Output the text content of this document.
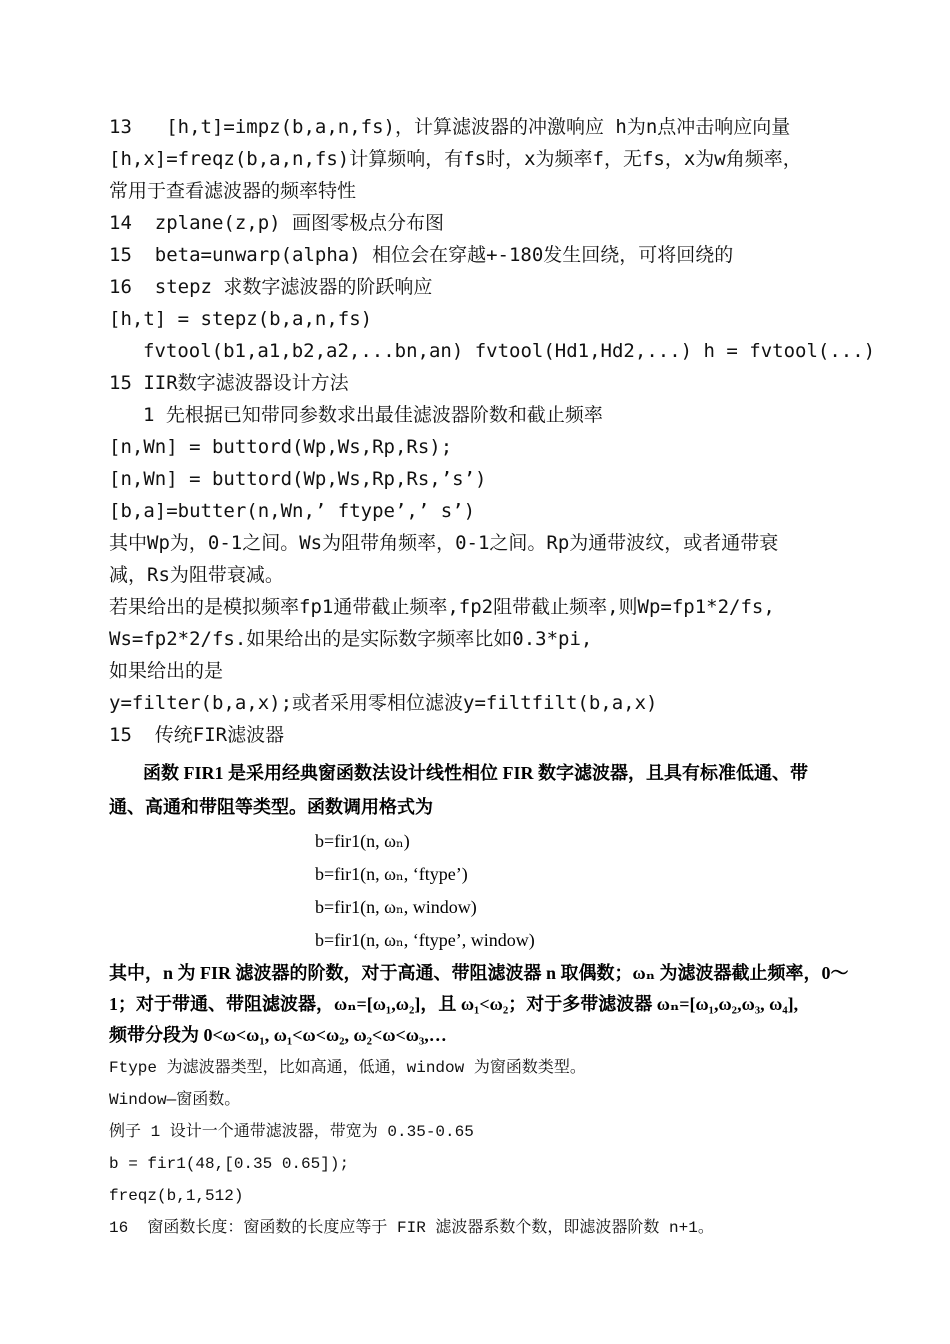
13   [h,t]=impz(b,a,n,fs)，计算滤波器的冲激响应 h为n点冲击响应向量
[h,x]=freqz(b,a,n,fs)计算频响，有fs时，x为频率f，无fs，x为w角频率，
常用于查看滤波器的频率特性
14  zplane(z,p) 画图零极点分布图
15  beta=unwarp(alpha) 相位会在穿越+-180发生回绕，可将回绕的
16  stepz 求数字滤波器的阶跃响应
[h,t] = stepz(b,a,n,fs)
fvtool(b1,a1,b2,a2,...bn,an) fvtool(Hd1,Hd2,...) h = fvtool(...)
15 IIR数字滤波器设计方法
1 先根据已知带同参数求出最佳滤波器阶数和截止频率
[n,Wn] = buttord(Wp,Ws,Rp,Rs);
[n,Wn] = buttord(Wp,Ws,Rp,Rs,’s’)
[b,a]=butter(n,Wn,’ ftype’,’ s’)
其中Wp为，0-1之间。Ws为阻带角频率，0-1之间。Rp为通带波纹，或者通带衰
减，Rs为阻带衰减。
若果给出的是模拟频率fp1通带截止频率,fp2阻带截止频率,则Wp=fp1*2/fs,
Ws=fp2*2/fs.如果给出的是实际数字频率比如0.3*pi,
如果给出的是
y=filter(b,a,x);或者采用零相位滤波y=filtfilt(b,a,x)
15  传统FIR滤波器
函数 FIR1 是采用经典窗函数法设计线性相位 FIR 数字滤波器，且具有标准低通、带
通、高通和带阻等类型。函数调用格式为
b=fir1(n, ωₙ)
b=fir1(n, ωₙ, ‘ftype’)
b=fir1(n, ωₙ, window)
b=fir1(n, ωₙ, ‘ftype’, window)
其中，n 为 FIR 滤波器的阶数，对于高通、带阻滤波器 n 取偶数；ωₙ 为滤波器截止频率，0～
1；对于带通、带阻滤波器，ωₙ=[ω₁,ω₂]，且 ω₁<ω₂；对于多带滤波器 ωₙ=[ω₁,ω₂,ω₃, ω₄],
频带分段为 0<ω<ω₁, ω₁<ω<ω₂, ω₂<ω<ω₃,…
Ftype 为滤波器类型，比如高通，低通，window 为窗函数类型。
Window—窗函数。
例子 1 设计一个通带滤波器，带宽为 0.35-0.65
b = fir1(48,[0.35 0.65]);
freqz(b,1,512)
16  窗函数长度：窗函数的长度应等于 FIR 滤波器系数个数，即滤波器阶数 n+1。
